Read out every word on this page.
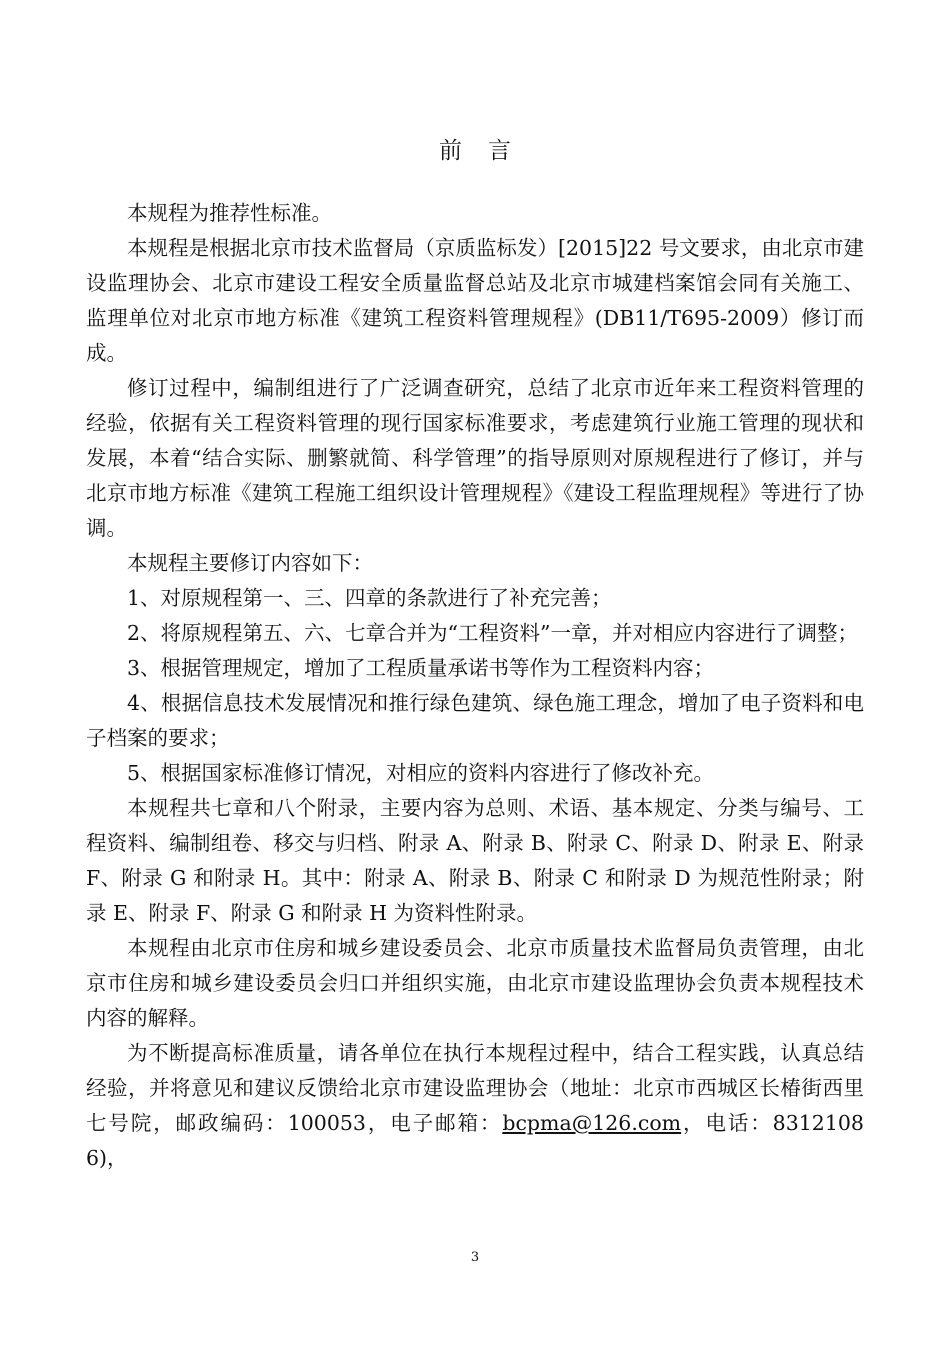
前 言

本规程为推荐性标准。

本规程是根据北京市技术监督局（京质监标发）[2015]22 号文要求，由北京市建设监理协会、北京市建设工程安全质量监督总站及北京市城建档案馆会同有关施工、监理单位对北京市地方标准《建筑工程资料管理规程》(DB11/T695-2009）修订而成。

修订过程中，编制组进行了广泛调查研究，总结了北京市近年来工程资料管理的经验，依据有关工程资料管理的现行国家标准要求，考虑建筑行业施工管理的现状和发展，本着“结合实际、删繁就简、科学管理”的指导原则对原规程进行了修订，并与北京市地方标准《建筑工程施工组织设计管理规程》《建设工程监理规程》等进行了协调。

本规程主要修订内容如下：

1、对原规程第一、三、四章的条款进行了补充完善；

2、将原规程第五、六、七章合并为“工程资料”一章，并对相应内容进行了调整；

3、根据管理规定，增加了工程质量承诺书等作为工程资料内容；

4、根据信息技术发展情况和推行绿色建筑、绿色施工理念，增加了电子资料和电子档案的要求；

5、根据国家标准修订情况，对相应的资料内容进行了修改补充。

本规程共七章和八个附录，主要内容为总则、术语、基本规定、分类与编号、工程资料、编制组卷、移交与归档、附录 A、附录 B、附录 C、附录 D、附录 E、附录 F、附录 G 和附录 H。其中：附录 A、附录 B、附录 C 和附录 D 为规范性附录；附录 E、附录 F、附录 G 和附录 H 为资料性附录。

本规程由北京市住房和城乡建设委员会、北京市质量技术监督局负责管理，由北京市住房和城乡建设委员会归口并组织实施，由北京市建设监理协会负责本规程技术内容的解释。

为不断提高标准质量，请各单位在执行本规程过程中，结合工程实践，认真总结经验，并将意见和建议反馈给北京市建设监理协会（地址：北京市西城区长椿街西里七号院，邮政编码：100053，电子邮箱：bcpma@126.com，电话：83121086)，

3
